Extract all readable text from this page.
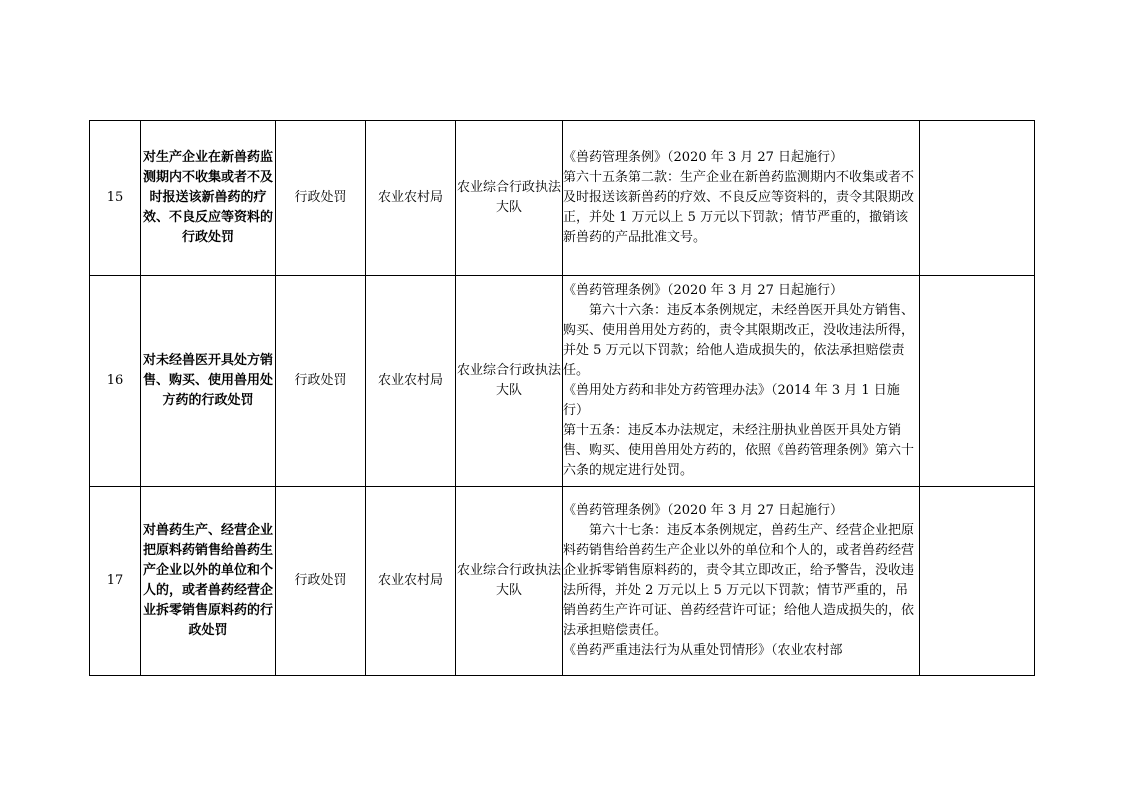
15	对生产企业在新兽药监测期内不收集或者不及时报送该新兽药的疗效、不良反应等资料的行政处罚	行政处罚	农业农村局	农业综合行政执法大队	《兽药管理条例》（2020 年 3 月 27 日起施行）
第六十五条第二款：生产企业在新兽药监测期内不收集或者不及时报送该新兽药的疗效、不良反应等资料的，责令其限期改正，并处 1 万元以上 5 万元以下罚款；情节严重的，撤销该新兽药的产品批准文号。	

16	对未经兽医开具处方销售、购买、使用兽用处方药的行政处罚	行政处罚	农业农村局	农业综合行政执法大队	《兽药管理条例》（2020 年 3 月 27 日起施行）
第六十六条：违反本条例规定，未经兽医开具处方销售、购买、使用兽用处方药的，责令其限期改正，没收违法所得，并处 5 万元以下罚款；给他人造成损失的，依法承担赔偿责任。
《兽用处方药和非处方药管理办法》（2014 年 3 月 1 日施行）
第十五条：违反本办法规定，未经注册执业兽医开具处方销售、购买、使用兽用处方药的，依照《兽药管理条例》第六十六条的规定进行处罚。	

17	对兽药生产、经营企业把原料药销售给兽药生产企业以外的单位和个人的，或者兽药经营企业拆零销售原料药的行政处罚	行政处罚	农业农村局	农业综合行政执法大队	《兽药管理条例》（2020 年 3 月 27 日起施行）
第六十七条：违反本条例规定，兽药生产、经营企业把原料药销售给兽药生产企业以外的单位和个人的，或者兽药经营企业拆零销售原料药的，责令其立即改正，给予警告，没收违法所得，并处 2 万元以上 5 万元以下罚款；情节严重的，吊销兽药生产许可证、兽药经营许可证；给他人造成损失的，依法承担赔偿责任。
《兽药严重违法行为从重处罚情形》（农业农村部	
